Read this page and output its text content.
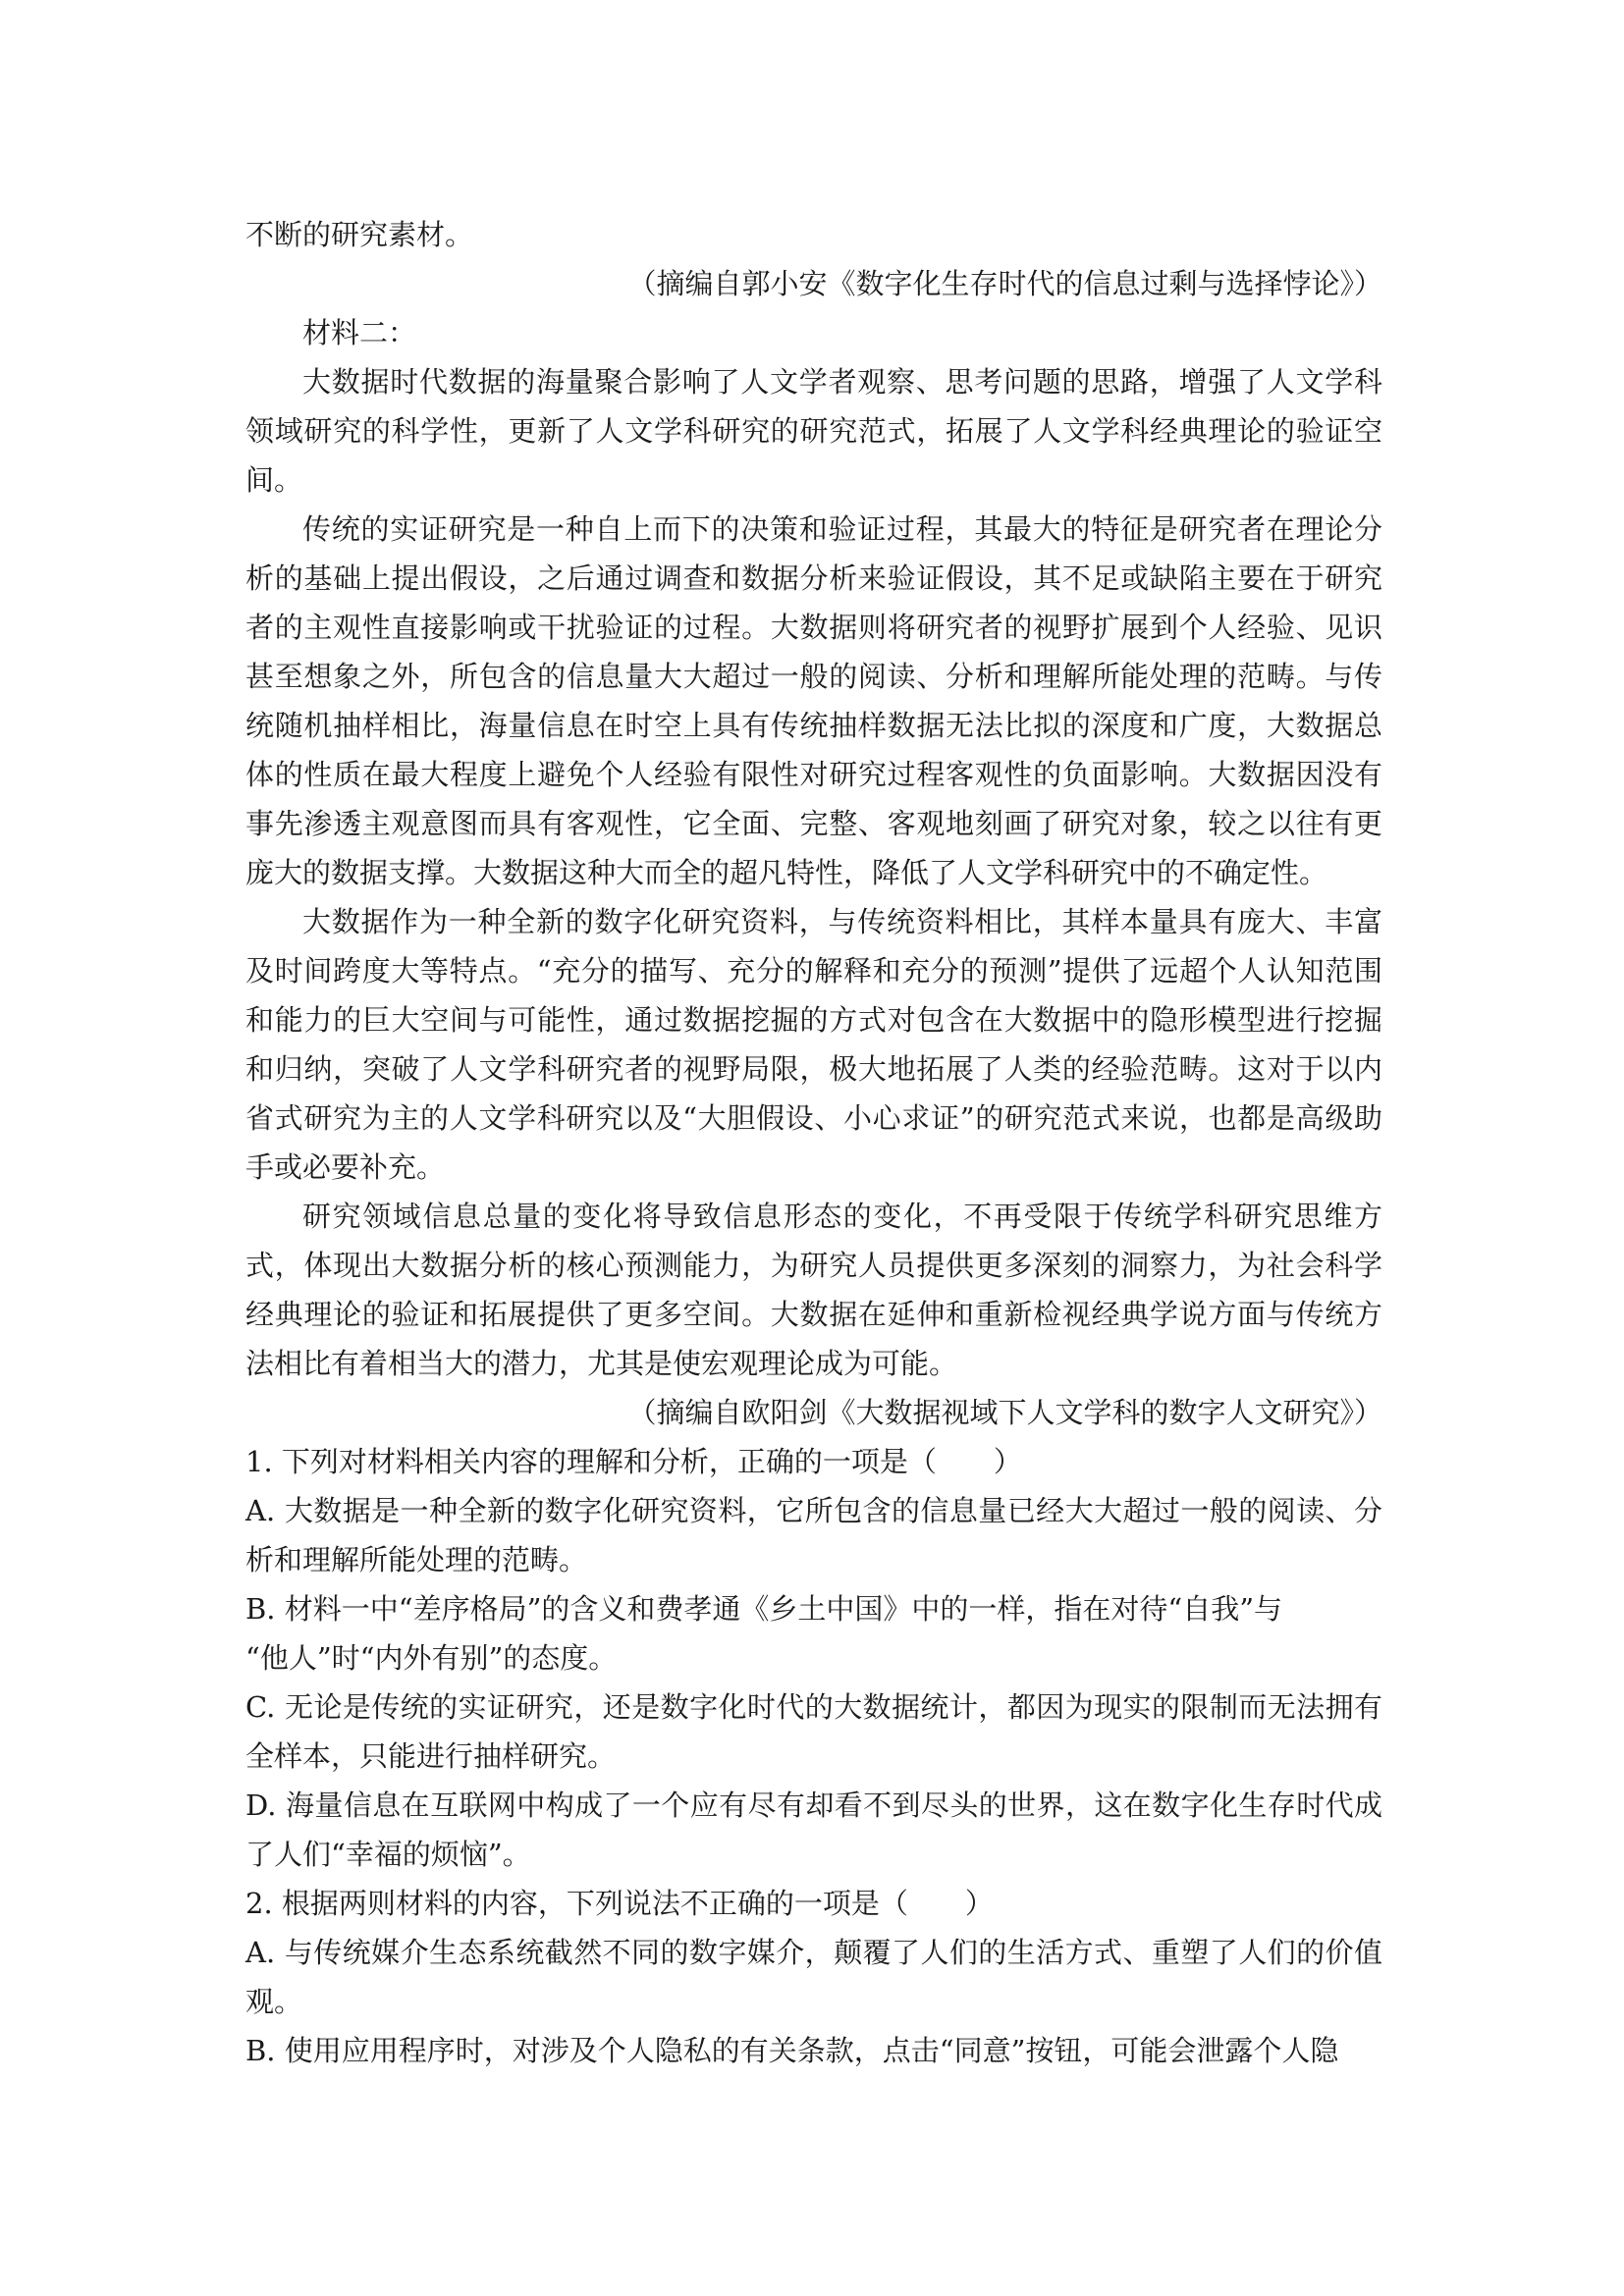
不断的研究素材。

（摘编自郭小安《数字化生存时代的信息过剩与选择悖论》）

材料二：

大数据时代数据的海量聚合影响了人文学者观察、思考问题的思路，增强了人文学科领域研究的科学性，更新了人文学科研究的研究范式，拓展了人文学科经典理论的验证空间。

传统的实证研究是一种自上而下的决策和验证过程，其最大的特征是研究者在理论分析的基础上提出假设，之后通过调查和数据分析来验证假设，其不足或缺陷主要在于研究者的主观性直接影响或干扰验证的过程。大数据则将研究者的视野扩展到个人经验、见识甚至想象之外，所包含的信息量大大超过一般的阅读、分析和理解所能处理的范畴。与传统随机抽样相比，海量信息在时空上具有传统抽样数据无法比拟的深度和广度，大数据总体的性质在最大程度上避免个人经验有限性对研究过程客观性的负面影响。大数据因没有事先渗透主观意图而具有客观性，它全面、完整、客观地刻画了研究对象，较之以往有更庞大的数据支撑。大数据这种大而全的超凡特性，降低了人文学科研究中的不确定性。

大数据作为一种全新的数字化研究资料，与传统资料相比，其样本量具有庞大、丰富及时间跨度大等特点。“充分的描写、充分的解释和充分的预测”提供了远超个人认知范围和能力的巨大空间与可能性，通过数据挖掘的方式对包含在大数据中的隐形模型进行挖掘和归纳，突破了人文学科研究者的视野局限，极大地拓展了人类的经验范畴。这对于以内省式研究为主的人文学科研究以及“大胆假设、小心求证”的研究范式来说，也都是高级助手或必要补充。

研究领域信息总量的变化将导致信息形态的变化，不再受限于传统学科研究思维方式，体现出大数据分析的核心预测能力，为研究人员提供更多深刻的洞察力，为社会科学经典理论的验证和拓展提供了更多空间。大数据在延伸和重新检视经典学说方面与传统方法相比有着相当大的潜力，尤其是使宏观理论成为可能。

（摘编自欧阳剑《大数据视域下人文学科的数字人文研究》）

1. 下列对材料相关内容的理解和分析，正确的一项是（　　）

A. 大数据是一种全新的数字化研究资料，它所包含的信息量已经大大超过一般的阅读、分析和理解所能处理的范畴。

B. 材料一中“差序格局”的含义和费孝通《乡土中国》中的一样，指在对待“自我”与
“他人”时“内外有别”的态度。

C. 无论是传统的实证研究，还是数字化时代的大数据统计，都因为现实的限制而无法拥有全样本，只能进行抽样研究。

D. 海量信息在互联网中构成了一个应有尽有却看不到尽头的世界，这在数字化生存时代成了人们“幸福的烦恼”。

2. 根据两则材料的内容，下列说法不正确的一项是（　　）

A. 与传统媒介生态系统截然不同的数字媒介，颠覆了人们的生活方式、重塑了人们的价值观。

B. 使用应用程序时，对涉及个人隐私的有关条款，点击“同意”按钮，可能会泄露个人隐
